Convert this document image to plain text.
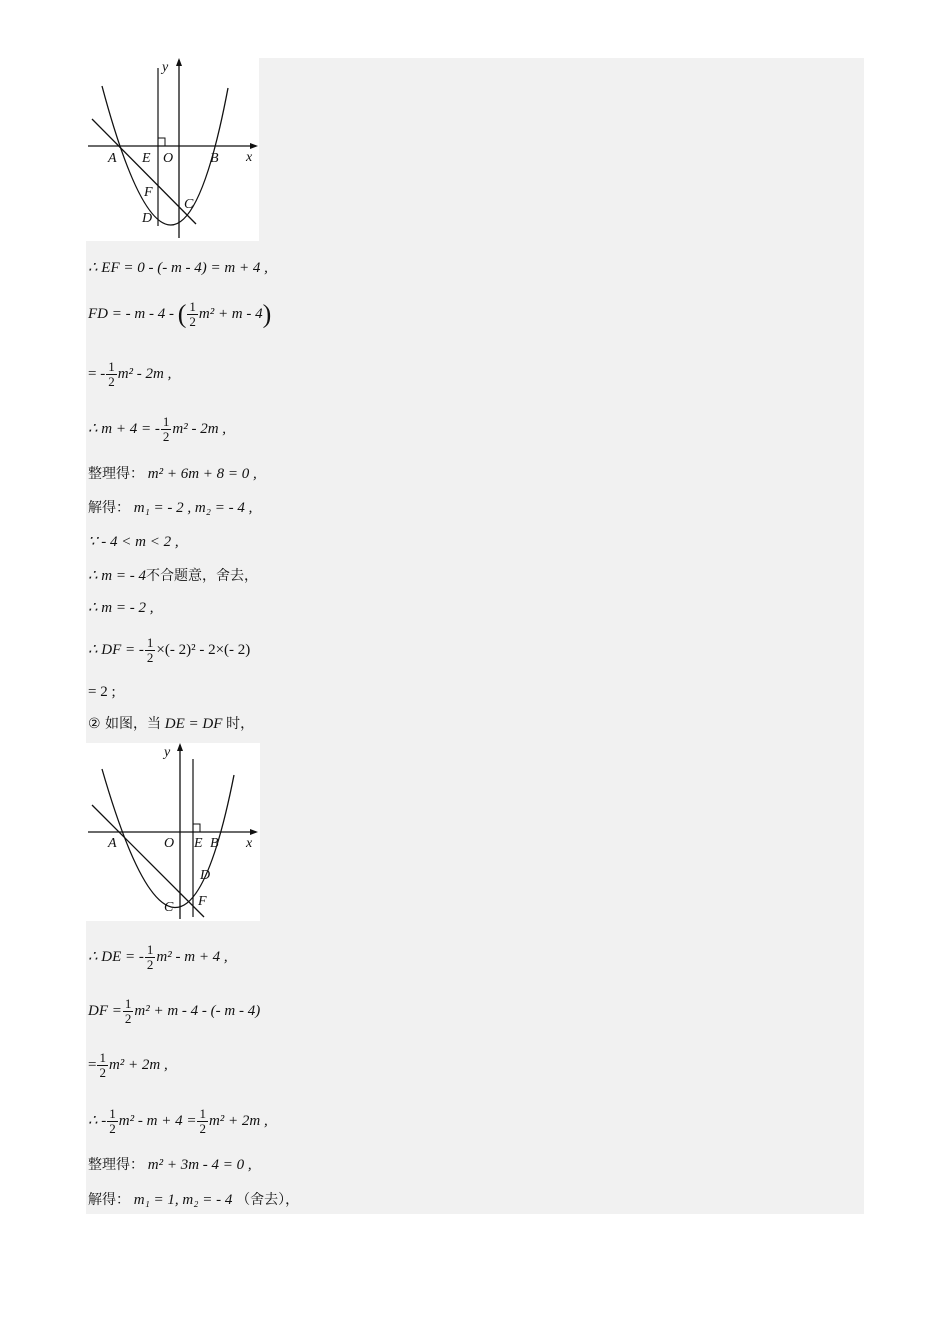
y
x
A E O	B
F
C
D
∴ EF = 0 - (- m - 4) = m + 4 ,
FD = - m - 4 - ( $\frac{1}{2} m^2 + m - 4$)
= - $\frac{1}{2} m^2 - 2m$ ,
∴ m + 4 = - $\frac{1}{2} m^2 - 2m$ ,
整理得： m² + 6m + 8 = 0 ,
解得： m₁ = - 2 , m₂ = - 4 ,
∵ - 4 < m < 2 ,
∴ m = - 4不合题意，舍去，
∴ m = - 2 ,
∴ DF = - $\frac{1}{2}$ ×(- 2)² - 2×(- 2)
= 2 ;
② 如图，当 DE = DF 时，
y
x
A	O E B
D
C F
∴ DE = - $\frac{1}{2} m^2 - m + 4$ ,
DF = $\frac{1}{2} m^2 + m - 4$ - (- m - 4)
= $\frac{1}{2} m^2 + 2m$ ,
∴ - $\frac{1}{2} m^2 - m + 4 = \frac{1}{2} m^2 + 2m$ ,
整理得： m² + 3m - 4 = 0 ,
解得： m₁ = 1, m₂ = - 4 （舍去），
